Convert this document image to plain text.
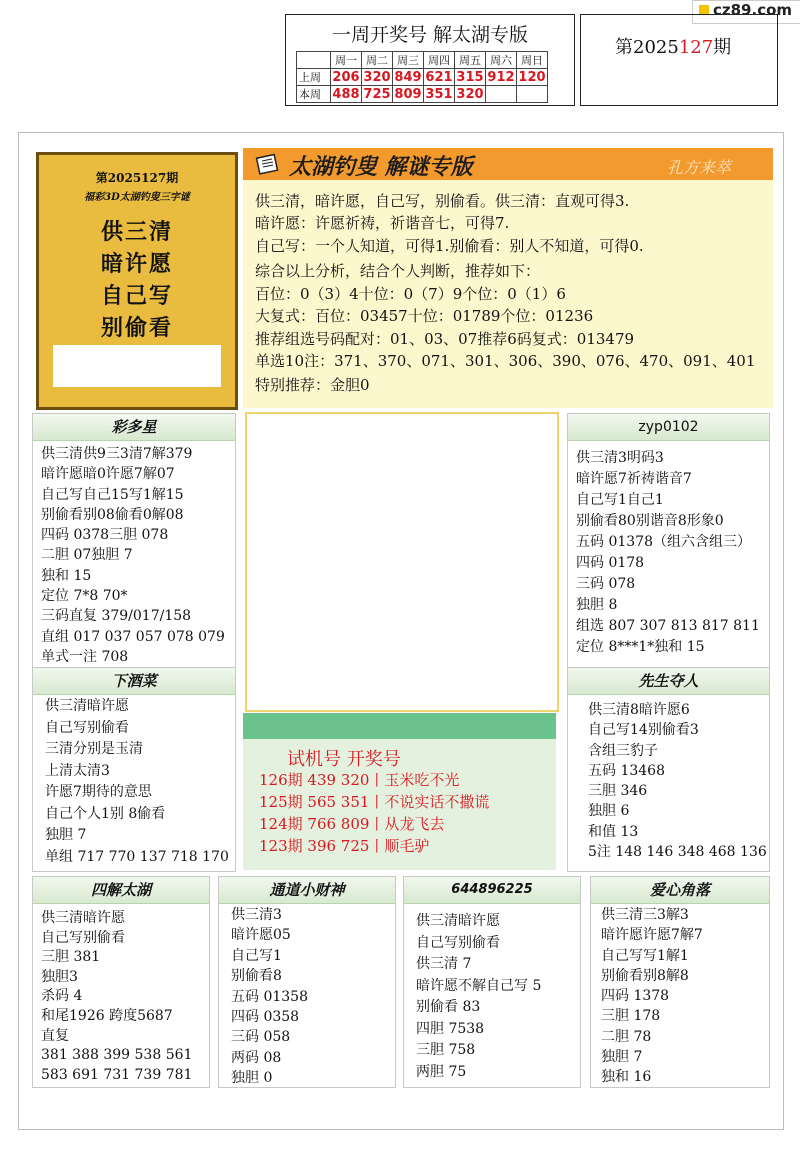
cz89.com
一周开奖号 解太湖专版
	周一	周二	周三	周四	周五	周六	周日
上周	206	320	849	621	315	912	120
本周	488	725	809	351	320		
第2025127期
第2025127期
福彩3D太湖钓叟三字谜
供三清
暗许愿
自己写
别偷看
太湖钓叟 解谜专版	孔方来萃

供三清，暗许愿，自己写，别偷看。供三清：直观可得3.

暗许愿：许愿祈祷，祈谐音七，可得7.

自己写：一个人知道，可得1.别偷看：别人不知道，可得0.

综合以上分析，结合个人判断，推荐如下：

百位：0（3）4十位：0（7）9个位：0（1）6

大复式：百位：03457十位：01789个位：01236

推荐组选号码配对：01、03、07推荐6码复式：013479

单选10注：371、370、071、301、306、390、076、470、091、401

特别推荐：金胆0

彩多星
供三清供9三3清7解379
暗许愿暗0许愿7解07
自己写自己15写1解15
别偷看别08偷看0解08
四码 0378三胆 078
二胆 07独胆 7
独和 15
定位 7*8 70*
三码直复 379/017/158
直组 017 037 057 078 079
单式一注 708
zyp0102
供三清3明码3
暗许愿7祈祷谐音7
自己写1自己1
别偷看80别谐音8形象0
五码 01378（组六含组三）
四码 0178
三码 078
独胆 8
组选 807 307 813 817 811
定位 8***1*独和 15
下酒菜
供三清暗许愿
自己写别偷看
三清分别是玉清
上清太清3
许愿7期待的意思
自己个人1别 8偷看
独胆 7
单组 717 770 137 718 170
试机号 开奖号
126期 439 320丨玉米吃不光
125期 565 351丨不说实话不撒谎
124期 766 809丨从龙飞去
123期 396 725丨顺毛驴
先生夺人
供三清8暗许愿6
自己写14别偷看3
含组三豹子
五码 13468
三胆 346
独胆 6
和值 13
5注 148 146 348 468 136
四解太湖
供三清暗许愿
自己写别偷看
三胆 381
独胆3
杀码 4
和尾1926 跨度5687
直复
381 388 399 538 561
583 691 731 739 781
通道小财神
供三清3
暗许愿05
自己写1
别偷看8
五码 01358
四码 0358
三码 058
两码 08
独胆 0
644896225
供三清暗许愿
自己写别偷看
供三清 7
暗许愿不解自己写 5
别偷看 83
四胆 7538
三胆 758
两胆 75
爱心角落
供三清三3解3
暗许愿许愿7解7
自己写写1解1
别偷看别8解8
四码 1378
三胆 178
二胆 78
独胆 7
独和 16
